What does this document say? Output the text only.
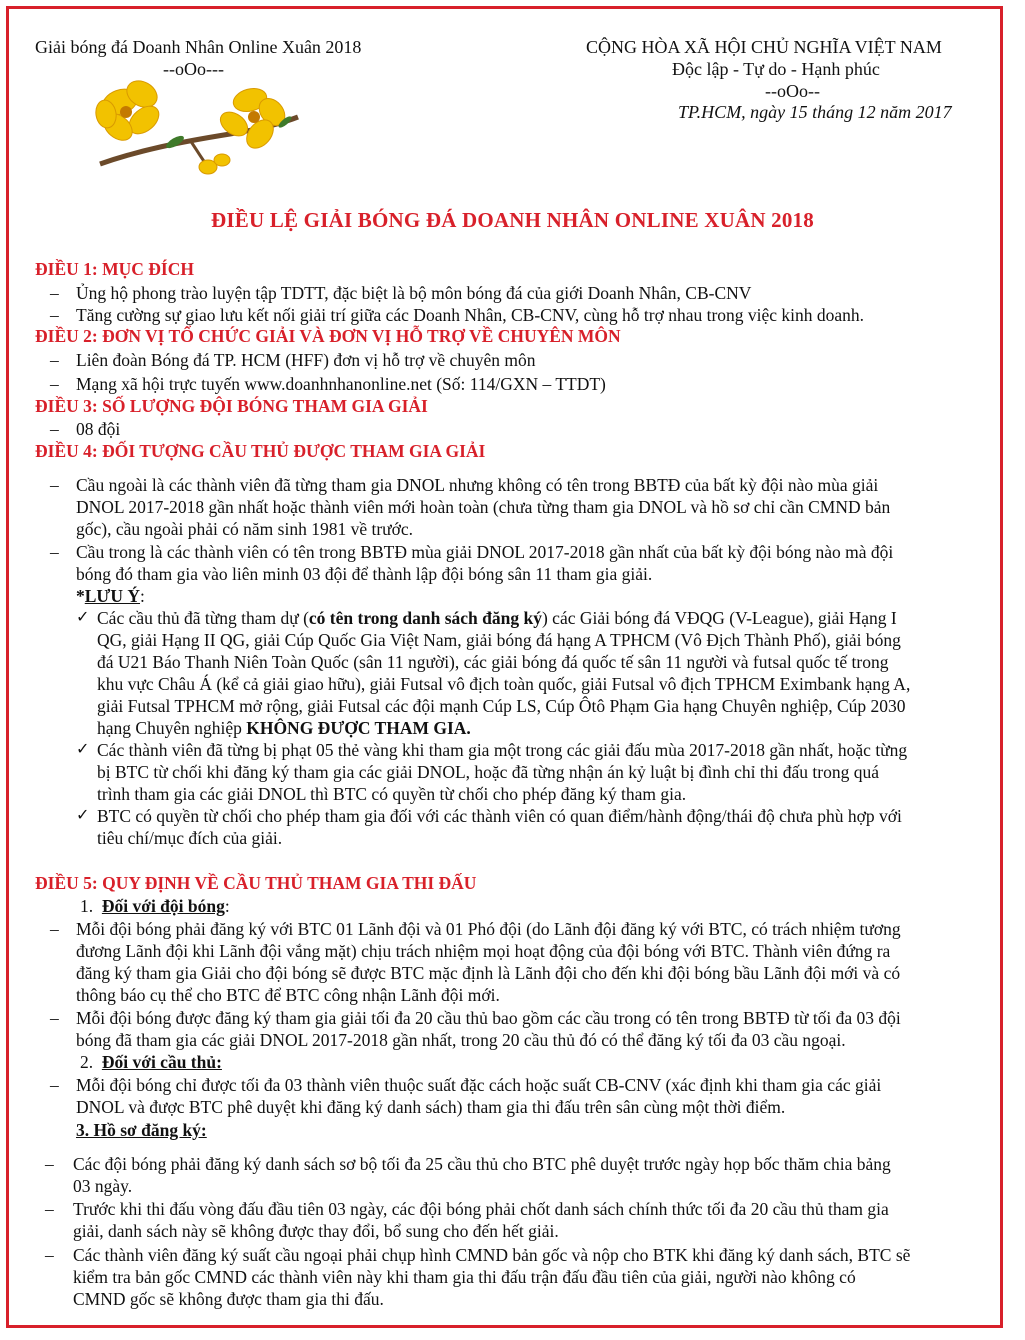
Giải bóng đá Doanh Nhân Online Xuân 2018
--oOo---
CỘNG HÒA XÃ HỘI CHỦ NGHĨA VIỆT NAM
Độc lập - Tự do - Hạnh phúc
--oOo--
TP.HCM, ngày 15 tháng 12 năm 2017
ĐIỀU LỆ GIẢI BÓNG ĐÁ DOANH NHÂN ONLINE XUÂN 2018
ĐIỀU 1: MỤC ĐÍCH
– Ủng hộ phong trào luyện tập TDTT, đặc biệt là bộ môn bóng đá của giới Doanh Nhân, CB-CNV
– Tăng cường sự giao lưu kết nối giải trí giữa các Doanh Nhân, CB-CNV, cùng hỗ trợ nhau trong việc kinh doanh.
ĐIỀU 2: ĐƠN VỊ TỔ CHỨC GIẢI VÀ ĐƠN VỊ HỖ TRỢ VỀ CHUYÊN MÔN
– Liên đoàn Bóng đá TP. HCM (HFF) đơn vị hỗ trợ về chuyên môn
– Mạng xã hội trực tuyến www.doanhnhanonline.net (Số: 114/GXN – TTDT)
ĐIỀU 3: SỐ LƯỢNG ĐỘI BÓNG THAM GIA GIẢI
– 08 đội
ĐIỀU 4: ĐỐI TƯỢNG CẦU THỦ ĐƯỢC THAM GIA GIẢI
– Cầu ngoài là các thành viên đã từng tham gia DNOL nhưng không có tên trong BBTĐ của bất kỳ đội nào mùa giải
DNOL 2017-2018 gần nhất hoặc thành viên mới hoàn toàn (chưa từng tham gia DNOL và hồ sơ chỉ cần CMND bản
gốc), cầu ngoài phải có năm sinh 1981 về trước.
– Cầu trong là các thành viên có tên trong BBTĐ mùa giải DNOL 2017-2018 gần nhất của bất kỳ đội bóng nào mà đội
bóng đó tham gia vào liên minh 03 đội để thành lập đội bóng sân 11 tham gia giải.
*LƯU Ý:
✓ Các cầu thủ đã từng tham dự (có tên trong danh sách đăng ký) các Giải bóng đá VĐQG (V-League), giải Hạng I
QG, giải Hạng II QG, giải Cúp Quốc Gia Việt Nam, giải bóng đá hạng A TPHCM (Vô Địch Thành Phố), giải bóng
đá U21 Báo Thanh Niên Toàn Quốc (sân 11 người), các giải bóng đá quốc tế sân 11 người và futsal quốc tế trong
khu vực Châu Á (kể cả giải giao hữu), giải Futsal vô địch toàn quốc, giải Futsal vô địch TPHCM Eximbank hạng A,
giải Futsal TPHCM mở rộng, giải Futsal các đội mạnh Cúp LS, Cúp Ôtô Phạm Gia hạng Chuyên nghiệp, Cúp 2030
hạng Chuyên nghiệp KHÔNG ĐƯỢC THAM GIA.
✓ Các thành viên đã từng bị phạt 05 thẻ vàng khi tham gia một trong các giải đấu mùa 2017-2018 gần nhất, hoặc từng
bị BTC từ chối khi đăng ký tham gia các giải DNOL, hoặc đã từng nhận án kỷ luật bị đình chỉ thi đấu trong quá
trình tham gia các giải DNOL thì BTC có quyền từ chối cho phép đăng ký tham gia.
✓ BTC có quyền từ chối cho phép tham gia đối với các thành viên có quan điểm/hành động/thái độ chưa phù hợp với
tiêu chí/mục đích của giải.
ĐIỀU 5: QUY ĐỊNH VỀ CẦU THỦ THAM GIA THI ĐẤU
1. Đối với đội bóng:
– Mỗi đội bóng phải đăng ký với BTC 01 Lãnh đội và 01 Phó đội (do Lãnh đội đăng ký với BTC, có trách nhiệm tương
đương Lãnh đội khi Lãnh đội vắng mặt) chịu trách nhiệm mọi hoạt động của đội bóng với BTC. Thành viên đứng ra
đăng ký tham gia Giải cho đội bóng sẽ được BTC mặc định là Lãnh đội cho đến khi đội bóng bầu Lãnh đội mới và có
thông báo cụ thể cho BTC để BTC công nhận Lãnh đội mới.
– Mỗi đội bóng được đăng ký tham gia giải tối đa 20 cầu thủ bao gồm các cầu trong có tên trong BBTĐ từ tối đa 03 đội
bóng đã tham gia các giải DNOL 2017-2018 gần nhất, trong 20 cầu thủ đó có thể đăng ký tối đa 03 cầu ngoại.
2. Đối với cầu thủ:
– Mỗi đội bóng chỉ được tối đa 03 thành viên thuộc suất đặc cách hoặc suất CB-CNV (xác định khi tham gia các giải
DNOL và được BTC phê duyệt khi đăng ký danh sách) tham gia thi đấu trên sân cùng một thời điểm.
3. Hồ sơ đăng ký:
– Các đội bóng phải đăng ký danh sách sơ bộ tối đa 25 cầu thủ cho BTC phê duyệt trước ngày họp bốc thăm chia bảng
03 ngày.
– Trước khi thi đấu vòng đấu đầu tiên 03 ngày, các đội bóng phải chốt danh sách chính thức tối đa 20 cầu thủ tham gia
giải, danh sách này sẽ không được thay đổi, bổ sung cho đến hết giải.
– Các thành viên đăng ký suất cầu ngoại phải chụp hình CMND bản gốc và nộp cho BTK khi đăng ký danh sách, BTC sẽ
kiểm tra bản gốc CMND các thành viên này khi tham gia thi đấu trận đấu đầu tiên của giải, người nào không có
CMND gốc sẽ không được tham gia thi đấu.
